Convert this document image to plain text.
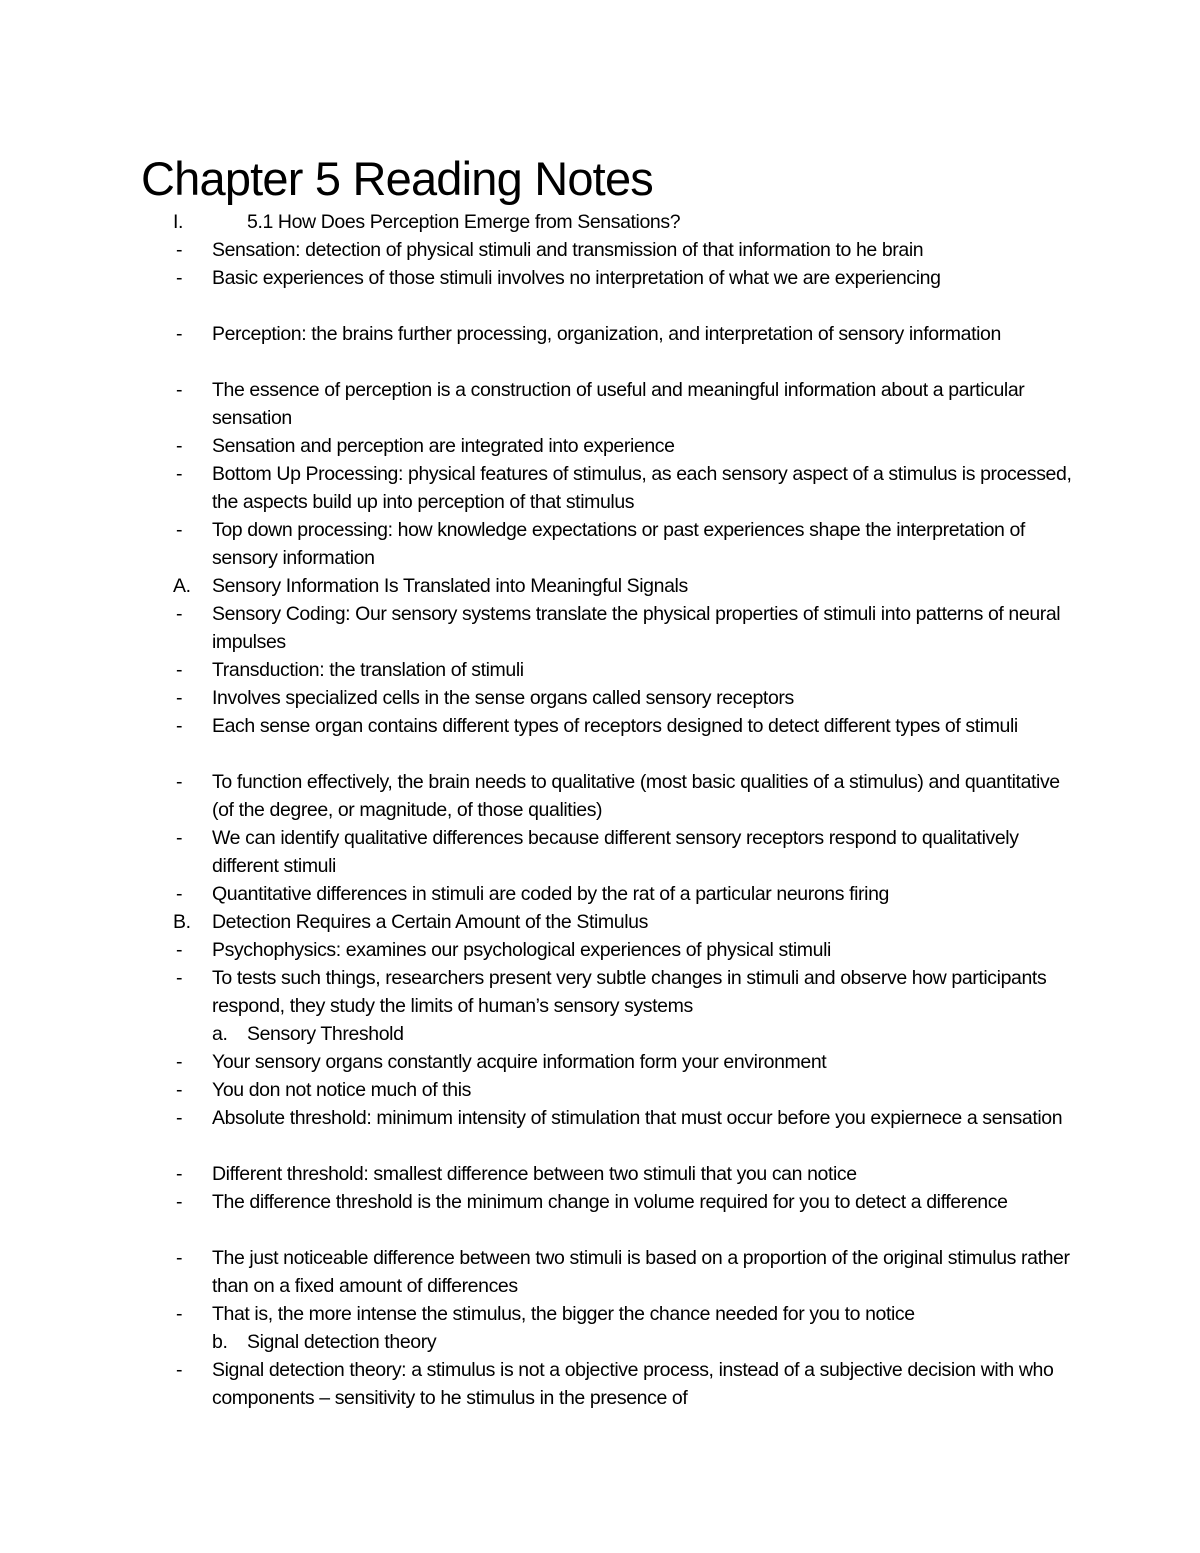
Chapter 5 Reading Notes
I.	5.1 How Does Perception Emerge from Sensations?
- Sensation: detection of physical stimuli and transmission of that information to he brain
- Basic experiences of those stimuli involves no interpretation of what we are experiencing
- Perception: the brains further processing, organization, and interpretation of sensory information
- The essence of perception is a construction of useful and meaningful information about a particular sensation
- Sensation and perception are integrated into experience
- Bottom Up Processing: physical features of stimulus, as each sensory aspect of a stimulus is processed, the aspects build up into perception of that stimulus
- Top down processing: how knowledge expectations or past experiences shape the interpretation of sensory information
A. Sensory Information Is Translated into Meaningful Signals
- Sensory Coding: Our sensory systems translate the physical properties of stimuli into patterns of neural impulses
- Transduction: the translation of stimuli
- Involves specialized cells in the sense organs called sensory receptors
- Each sense organ contains different types of receptors designed to detect different types of stimuli
- To function effectively, the brain needs to qualitative (most basic qualities of a stimulus) and quantitative (of the degree, or magnitude, of those qualities)
- We can identify qualitative differences because different sensory receptors respond to qualitatively different stimuli
- Quantitative differences in stimuli are coded by the rat of a particular neurons firing
B. Detection Requires a Certain Amount of the Stimulus
- Psychophysics: examines our psychological experiences of physical stimuli
- To tests such things, researchers present very subtle changes in stimuli and observe how participants respond, they study the limits of human’s sensory systems
a. Sensory Threshold
- Your sensory organs constantly acquire information form your environment
- You don not notice much of this
- Absolute threshold: minimum intensity of stimulation that must occur before you expiernece a sensation
- Different threshold: smallest difference between two stimuli that you can notice
- The difference threshold is the minimum change in volume required for you to detect a difference
- The just noticeable difference between two stimuli is based on a proportion of the original stimulus rather than on a fixed amount of differences
- That is, the more intense the stimulus, the bigger the chance needed for you to notice
b. Signal detection theory
- Signal detection theory: a stimulus is not a objective process, instead of a subjective decision with who components – sensitivity to he stimulus in the presence of
